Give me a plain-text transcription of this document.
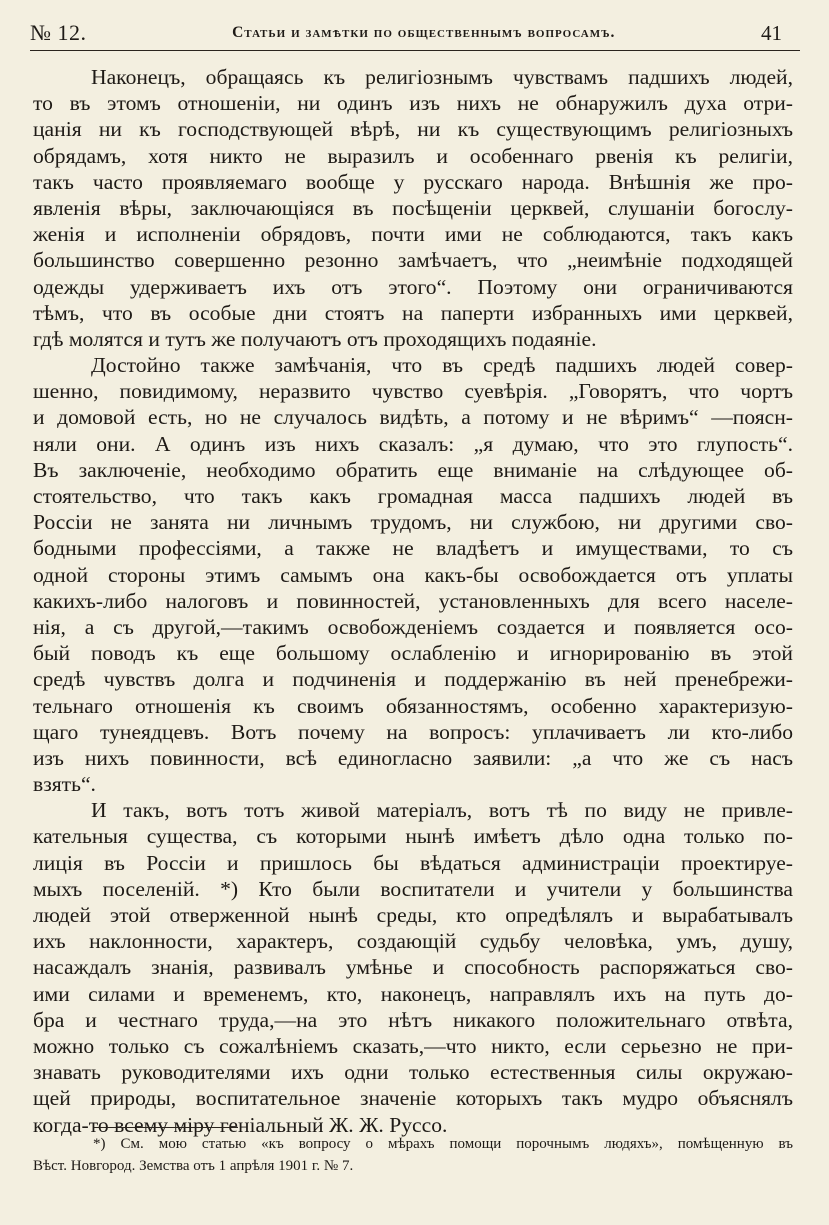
№ 12.	Статьи и замѣтки по общественнымъ вопросамъ.	41
Наконецъ, обращаясь къ религіознымъ чувствамъ падшихъ людей,
то въ этомъ отношеніи, ни одинъ изъ нихъ не обнаружилъ духа отри-
цанія ни къ господствующей вѣрѣ, ни къ существующимъ религіозныхъ
обрядамъ, хотя никто не выразилъ и особеннаго рвенія къ религіи,
такъ часто проявляемаго вообще у русскаго народа. Внѣшнія же про-
явленія вѣры, заключающіяся въ посѣщеніи церквей, слушаніи богослу-
женія и исполненіи обрядовъ, почти ими не соблюдаются, такъ какъ
большинство совершенно резонно замѣчаетъ, что „неимѣніе подходящей
одежды удерживаетъ ихъ отъ этого“. Поэтому они ограничиваются
тѣмъ, что въ особые дни стоятъ на паперти избранныхъ ими церквей,
гдѣ молятся и тутъ же получаютъ отъ проходящихъ подаяніе.
Достойно также замѣчанія, что въ средѣ падшихъ людей совер-
шенно, повидимому, неразвито чувство суевѣрія. „Говорятъ, что чортъ
и домовой есть, но не случалось видѣть, а потому и не вѣримъ“ —поясн-
няли они. А одинъ изъ нихъ сказалъ: „я думаю, что это глупость“.
Въ заключеніе, необходимо обратить еще вниманіе на слѣдующее об-
стоятельство, что такъ какъ громадная масса падшихъ людей въ
Россіи не занята ни личнымъ трудомъ, ни службою, ни другими сво-
бодными профессіями, а также не владѣетъ и имуществами, то съ
одной стороны этимъ самымъ она какъ-бы освобождается отъ уплаты
какихъ-либо налоговъ и повинностей, установленныхъ для всего населе-
нія, а съ другой,—такимъ освобожденіемъ создается и появляется осо-
бый поводъ къ еще большому ослабленію и игнорированію въ этой
средѣ чувствъ долга и подчиненія и поддержанію въ ней пренебрежи-
тельнаго отношенія къ своимъ обязанностямъ, особенно характеризую-
щаго тунеядцевъ. Вотъ почему на вопросъ: уплачиваетъ ли кто-либо
изъ нихъ повинности, всѣ единогласно заявили: „а что же съ насъ
взять“.
И такъ, вотъ тотъ живой матеріалъ, вотъ тѣ по виду не привле-
кательныя существа, съ которыми нынѣ имѣетъ дѣло одна только по-
лиція въ Россіи и пришлось бы вѣдаться администраціи проектируе-
мыхъ поселеній. *) Кто были воспитатели и учители у большинства
людей этой отверженной нынѣ среды, кто опредѣлялъ и вырабатывалъ
ихъ наклонности, характеръ, создающій судьбу человѣка, умъ, душу,
насаждалъ знанія, развивалъ умѣнье и способность распоряжаться сво-
ими силами и временемъ, кто, наконецъ, направлялъ ихъ на путь до-
бра и честнаго труда,—на это нѣтъ никакого положительнаго отвѣта,
можно только съ сожалѣніемъ сказать,—что никто, если серьезно не при-
знавать руководителями ихъ одни только естественныя силы окружаю-
щей природы, воспитательное значеніе которыхъ такъ мудро объяснялъ
когда-то всему міру геніальный Ж. Ж. Руссо.
*) См. мою статью «къ вопросу о мѣрахъ помощи порочнымъ людяхъ», помѣщенную въ
Вѣст. Новгород. Земства отъ 1 апрѣля 1901 г. № 7.
